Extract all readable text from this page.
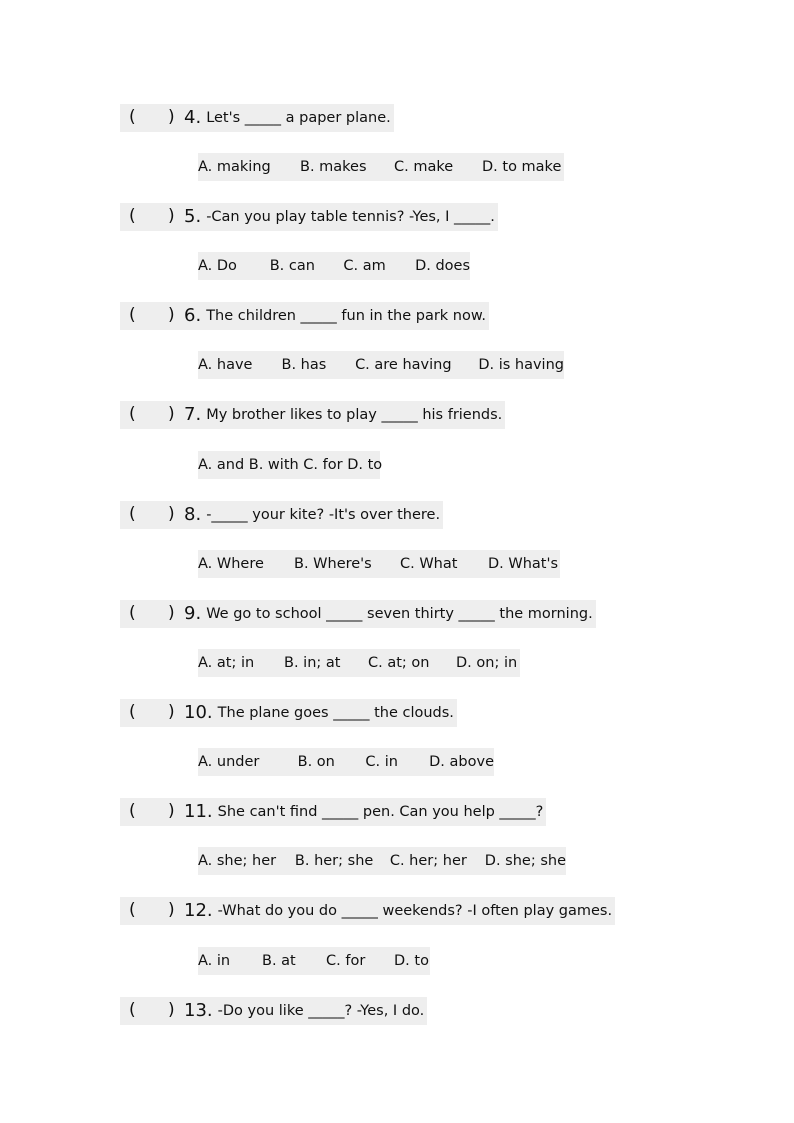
( ) 4. Let's _____ a paper plane.
A. making	B. makes	C. make	D. to make
( ) 5. -Can you play table tennis? -Yes, I _____.
A. Do	B. can	C. am	D. does
( ) 6. The children _____ fun in the park now.
A. have	B. has	C. are having	D. is having
( ) 7. My brother likes to play _____ his friends.
A. and B. with C. for D. to
( ) 8. -_____ your kite? -It's over there.
A. Where	B. Where's	C. What	D. What's
( ) 9. We go to school _____ seven thirty _____ the morning.
A. at; in	B. in; at	C. at; on	D. on; in
( ) 10. The plane goes _____ the clouds.
A. under	B. on	C. in	D. above
( ) 11. She can't find _____ pen. Can you help _____?
A. she; her	B. her; she	C. her; her	D. she; she
( ) 12. -What do you do _____ weekends? -I often play games.
A. in	B. at	C. for	D. to
( ) 13. -Do you like _____? -Yes, I do.
